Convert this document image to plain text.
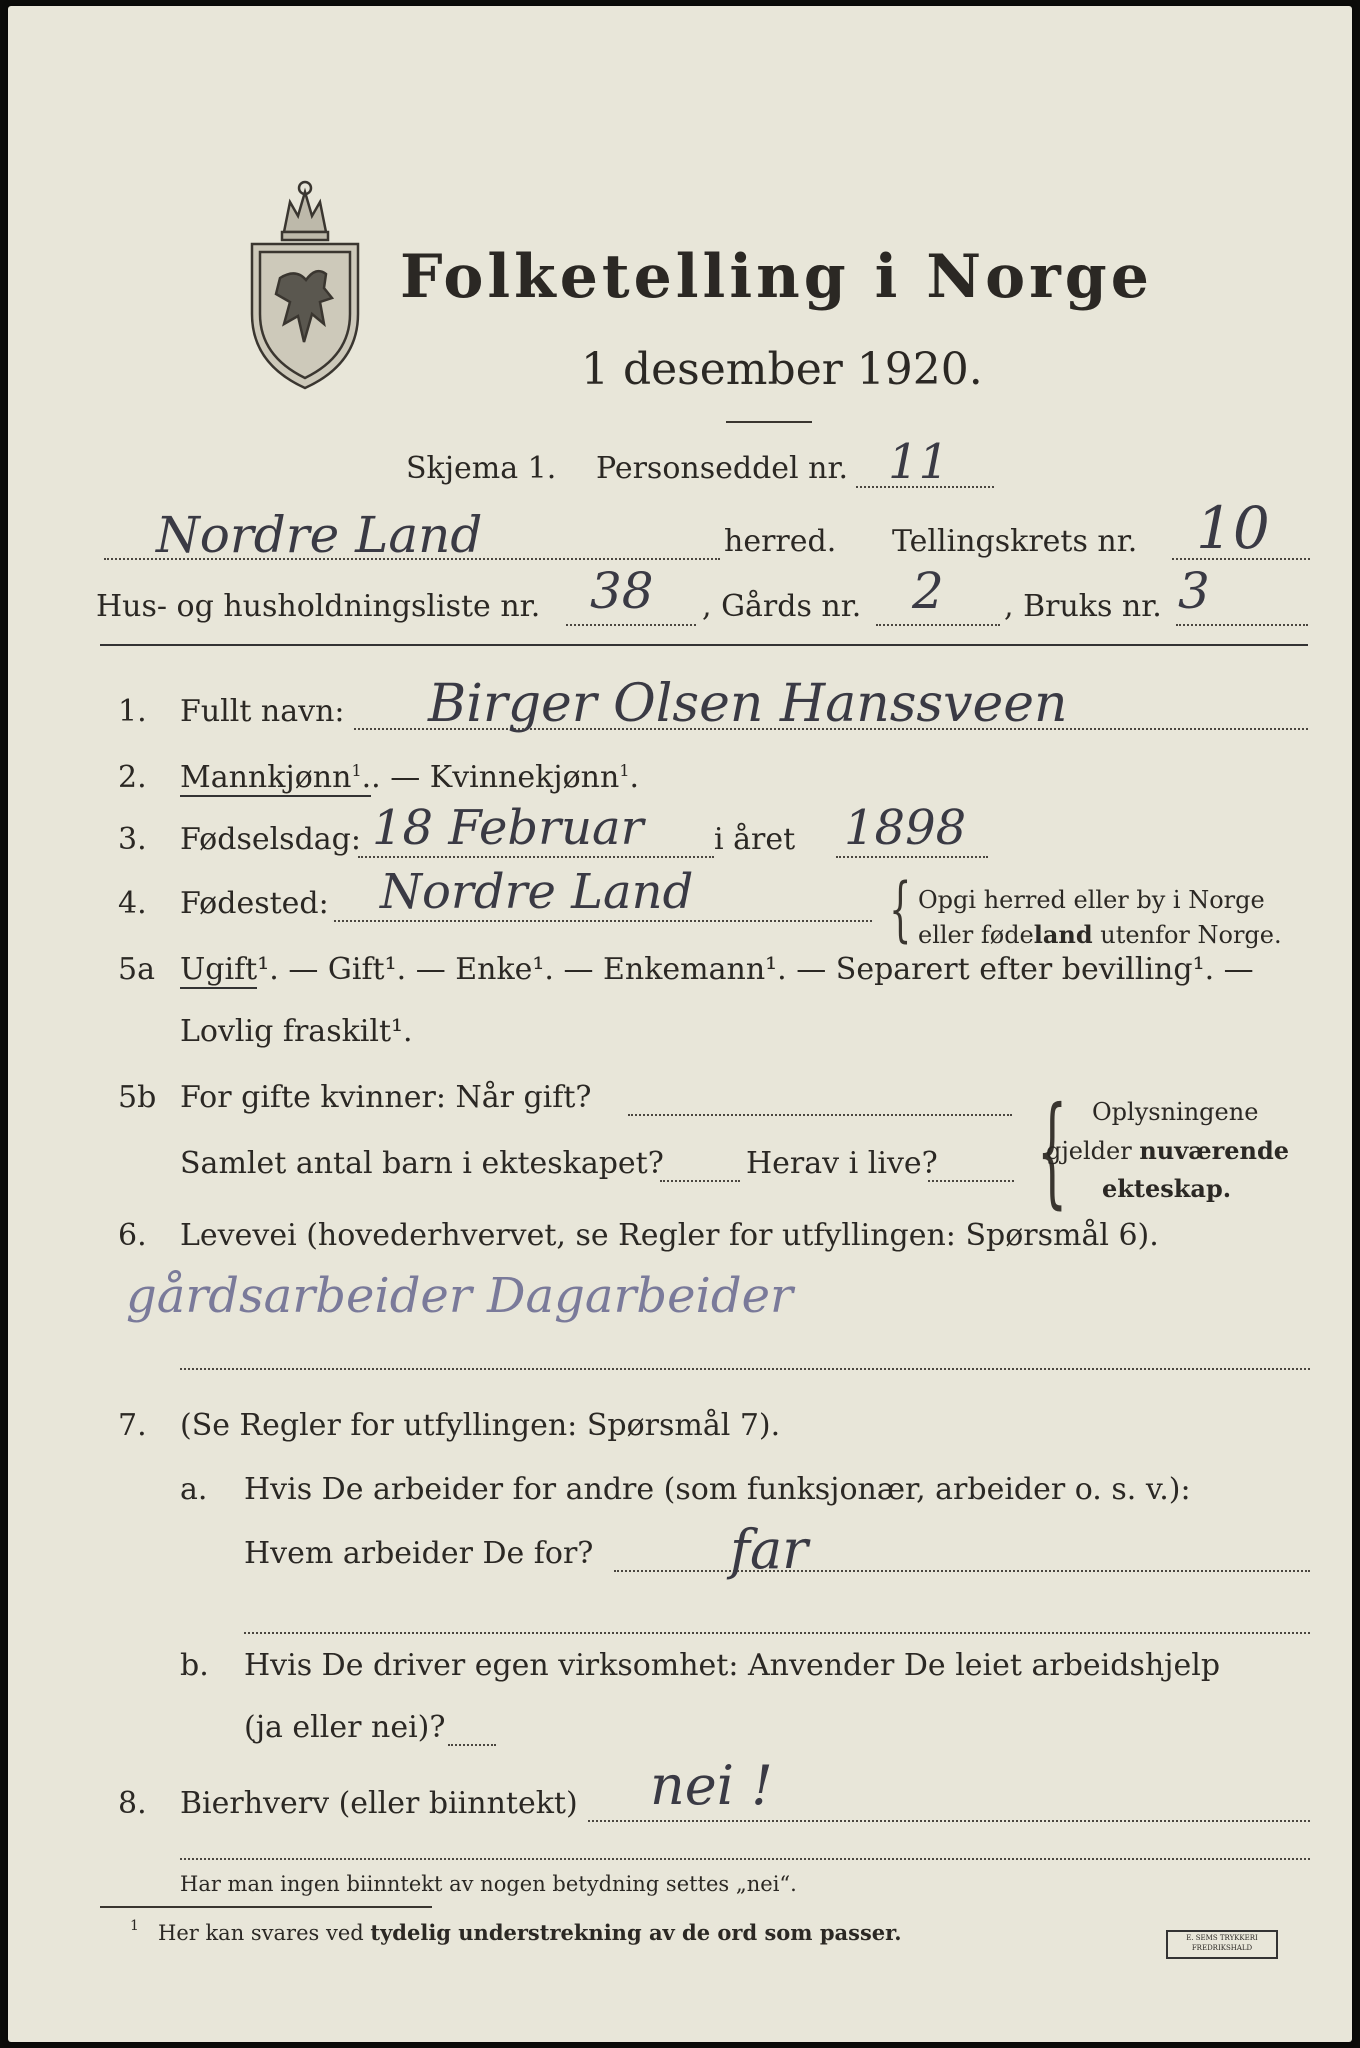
Folketelling i Norge
1 desember 1920.
Skjema 1. Personseddel nr. 11
Nordre Land	herred. Tellingskrets nr. 10
Hus- og husholdningsliste nr. 38 , Gårds nr. 2 , Bruks nr. 3
1. Fullt navn: Birger Olsen Hanssveen
2. Mannkjønn$^1$.. — Kvinnekjønn$^1$.
3. Fødselsdag: 18 Februar i året 1898
4. Fødested: Nordre Land	{ Opgi herred eller by i Norge
eller fødeland utenfor Norge.
5a Ugift¹. — Gift¹. — Enke¹. — Enkemann¹. — Separert efter bevilling¹. —
Lovlig fraskilt¹.
5b For gifte kvinner: Når gift?
Samlet antal barn i ekteskapet?	Herav i live? { Oplysningene
gjelder nuværende
ekteskap.
6. Levevei (hovederhvervet, se Regler for utfyllingen: Spørsmål 6).
gårdsarbeider Dagarbeider
7. (Se Regler for utfyllingen: Spørsmål 7).
a. Hvis De arbeider for andre (som funksjonær, arbeider o. s. v.):
Hvem arbeider De for?	far
b. Hvis De driver egen virksomhet: Anvender De leiet arbeidshjelp
(ja eller nei)?
8. Bierhverv (eller biinntekt) nei !
Har man ingen biinntekt av nogen betydning settes „nei“.
1 Her kan svares ved tydelig understrekning av de ord som passer.	E. SEMS TRYKKERI FREDRIKSHALD
